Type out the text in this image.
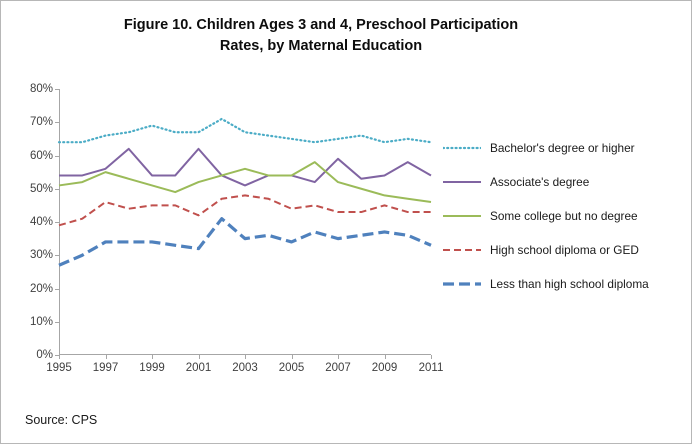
Figure 10. Children Ages 3 and 4, Preschool Participation
Rates, by Maternal Education
0%
10%
20%
30%
40%
50%
60%
70%
80%
1995 1997 1999 2001 2003 2005 2007 2009 2011
Bachelor's degree or higher
Associate's degree
Some college but no degree
High school diploma or GED
Less than high school diploma
Source: CPS
